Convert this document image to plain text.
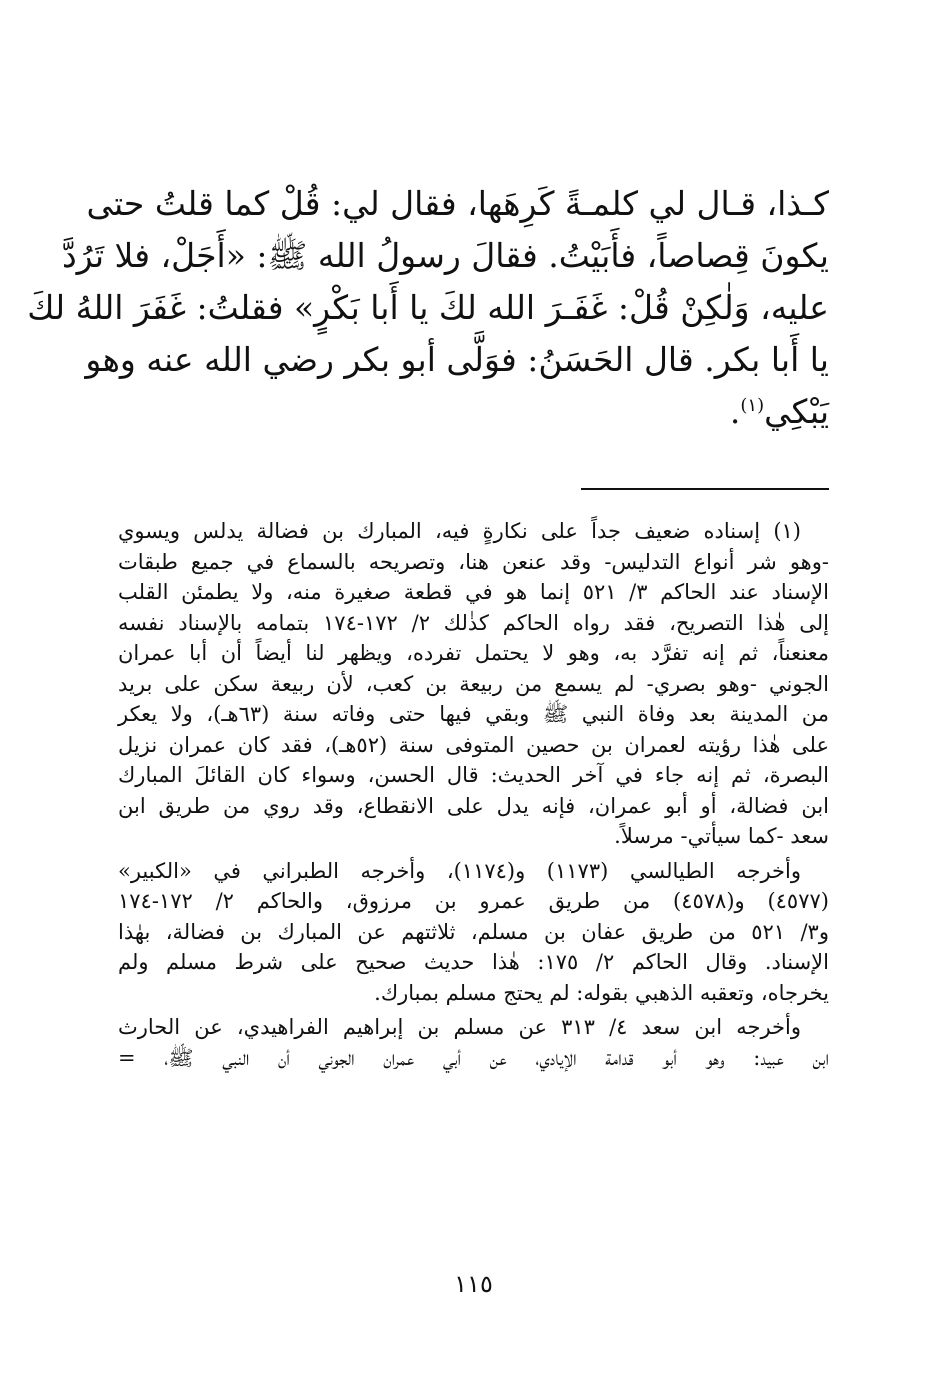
كـذا، قـال لي كلمـةً كَرِهَها، فقال لي: قُلْ كما قلتُ حتى
يكونَ قِصاصاً، فأَبَيْتُ. فقالَ رسولُ الله ﷺ: «أَجَلْ، فلا تَرُدَّ
عليه، وَلٰكِنْ قُلْ: غَفَـرَ الله لكَ يا أَبا بَكْرٍ» فقلتُ: غَفَرَ اللهُ لكَ
يا أَبا بكر. قال الحَسَنُ: فوَلَّى أبو بكر رضي الله عنه وهو
يَبْكِي$^{(١)}$.
(١) إسناده ضعيف جداً على نكارةٍ فيه، المبارك بن فضالة يدلس ويسوي
-وهو شر أنواع التدليس- وقد عنعن هنا، وتصريحه بالسماع في جميع طبقات
الإسناد عند الحاكم ٣/ ٥٢١ إنما هو في قطعة صغيرة منه، ولا يطمئن القلب
إلى هٰذا التصريح، فقد رواه الحاكم كذٰلك ٢/ ١٧٢-١٧٤ بتمامه بالإسناد نفسه
معنعناً، ثم إنه تفرَّد به، وهو لا يحتمل تفرده، ويظهر لنا أيضاً أن أبا عمران
الجوني -وهو بصري- لم يسمع من ربيعة بن كعب، لأن ربيعة سكن على بريد
من المدينة بعد وفاة النبي ﷺ وبقي فيها حتى وفاته سنة (٦٣هـ)، ولا يعكر
على هٰذا رؤيته لعمران بن حصين المتوفى سنة (٥٢هـ)، فقد كان عمران نزيل
البصرة، ثم إنه جاء في آخر الحديث: قال الحسن، وسواء كان القائلَ المبارك
ابن فضالة، أو أبو عمران، فإنه يدل على الانقطاع، وقد روي من طريق ابن
سعد -كما سيأتي- مرسلاً.
وأخرجه الطيالسي (١١٧٣) و(١١٧٤)، وأخرجه الطبراني في «الكبير»
(٤٥٧٧) و(٤٥٧٨) من طريق عمرو بن مرزوق، والحاكم ٢/ ١٧٢-١٧٤
و٣/ ٥٢١ من طريق عفان بن مسلم، ثلاثتهم عن المبارك بن فضالة، بهٰذا
الإسناد. وقال الحاكم ٢/ ١٧٥: هٰذا حديث صحيح على شرط مسلم ولم
يخرجاه، وتعقبه الذهبي بقوله: لم يحتج مسلم بمبارك.
وأخرجه ابن سعد ٤/ ٣١٣ عن مسلم بن إبراهيم الفراهيدي، عن الحارث
ابن عبيد: وهو أبو قدامة الإيادي، عن أبي عمران الجوني أن النبي ﷺ، =
١١٥
